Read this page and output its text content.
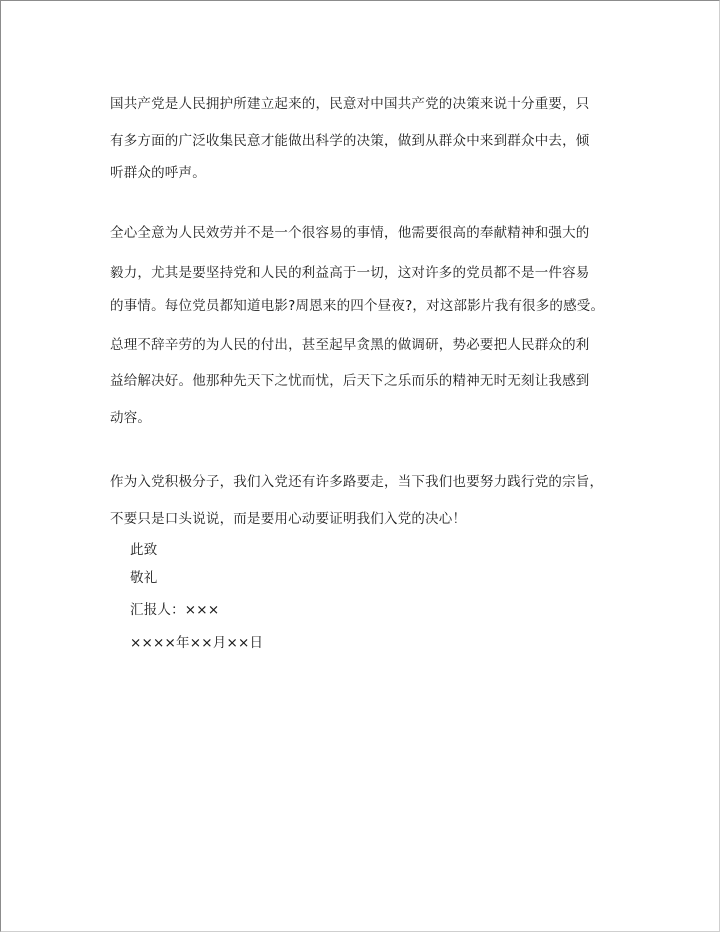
国共产党是人民拥护所建立起来的，民意对中国共产党的决策来说十分重要，只
有多方面的广泛收集民意才能做出科学的决策，做到从群众中来到群众中去，倾
听群众的呼声。
全心全意为人民效劳并不是一个很容易的事情，他需要很高的奉献精神和强大的
毅力，尤其是要坚持党和人民的利益高于一切，这对许多的党员都不是一件容易
的事情。每位党员都知道电影?周恩来的四个昼夜?，对这部影片我有很多的感受。
总理不辞辛劳的为人民的付出，甚至起早贪黑的做调研，势必要把人民群众的利
益给解决好。他那种先天下之忧而忧，后天下之乐而乐的精神无时无刻让我感到
动容。
作为入党积极分子，我们入党还有许多路要走，当下我们也要努力践行党的宗旨，
不要只是口头说说，而是要用心动要证明我们入党的决心！
此致
敬礼
汇报人：×××
××××年××月××日
